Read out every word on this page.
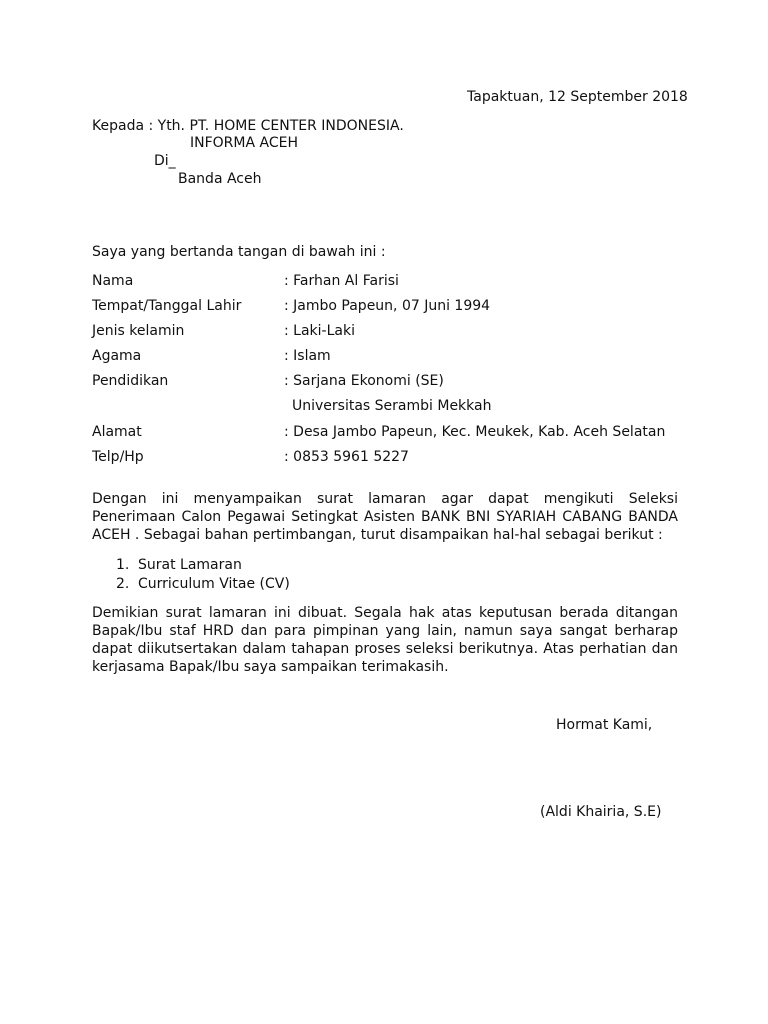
Tapaktuan, 12 September 2018
Kepada : Yth. PT. HOME CENTER INDONESIA.
INFORMA ACEH
Di_
Banda Aceh
Saya yang bertanda tangan di bawah ini :
Nama	: Farhan Al Farisi
Tempat/Tanggal Lahir	: Jambo Papeun, 07 Juni 1994
Jenis kelamin	: Laki-Laki
Agama	: Islam
Pendidikan	: Sarjana Ekonomi (SE)
Universitas Serambi Mekkah
Alamat	: Desa Jambo Papeun, Kec. Meukek, Kab. Aceh Selatan
Telp/Hp	: 0853 5961 5227
Dengan ini menyampaikan surat lamaran agar dapat mengikuti Seleksi Penerimaan Calon Pegawai Setingkat Asisten BANK BNI SYARIAH CABANG BANDA ACEH . Sebagai bahan pertimbangan, turut disampaikan hal-hal sebagai berikut :
1. Surat Lamaran
2. Curriculum Vitae (CV)
Demikian surat lamaran ini dibuat. Segala hak atas keputusan berada ditangan Bapak/Ibu staf HRD dan para pimpinan yang lain, namun saya sangat berharap dapat diikutsertakan dalam tahapan proses seleksi berikutnya. Atas perhatian dan kerjasama Bapak/Ibu saya sampaikan terimakasih.
Hormat Kami,
(Aldi Khairia, S.E)
